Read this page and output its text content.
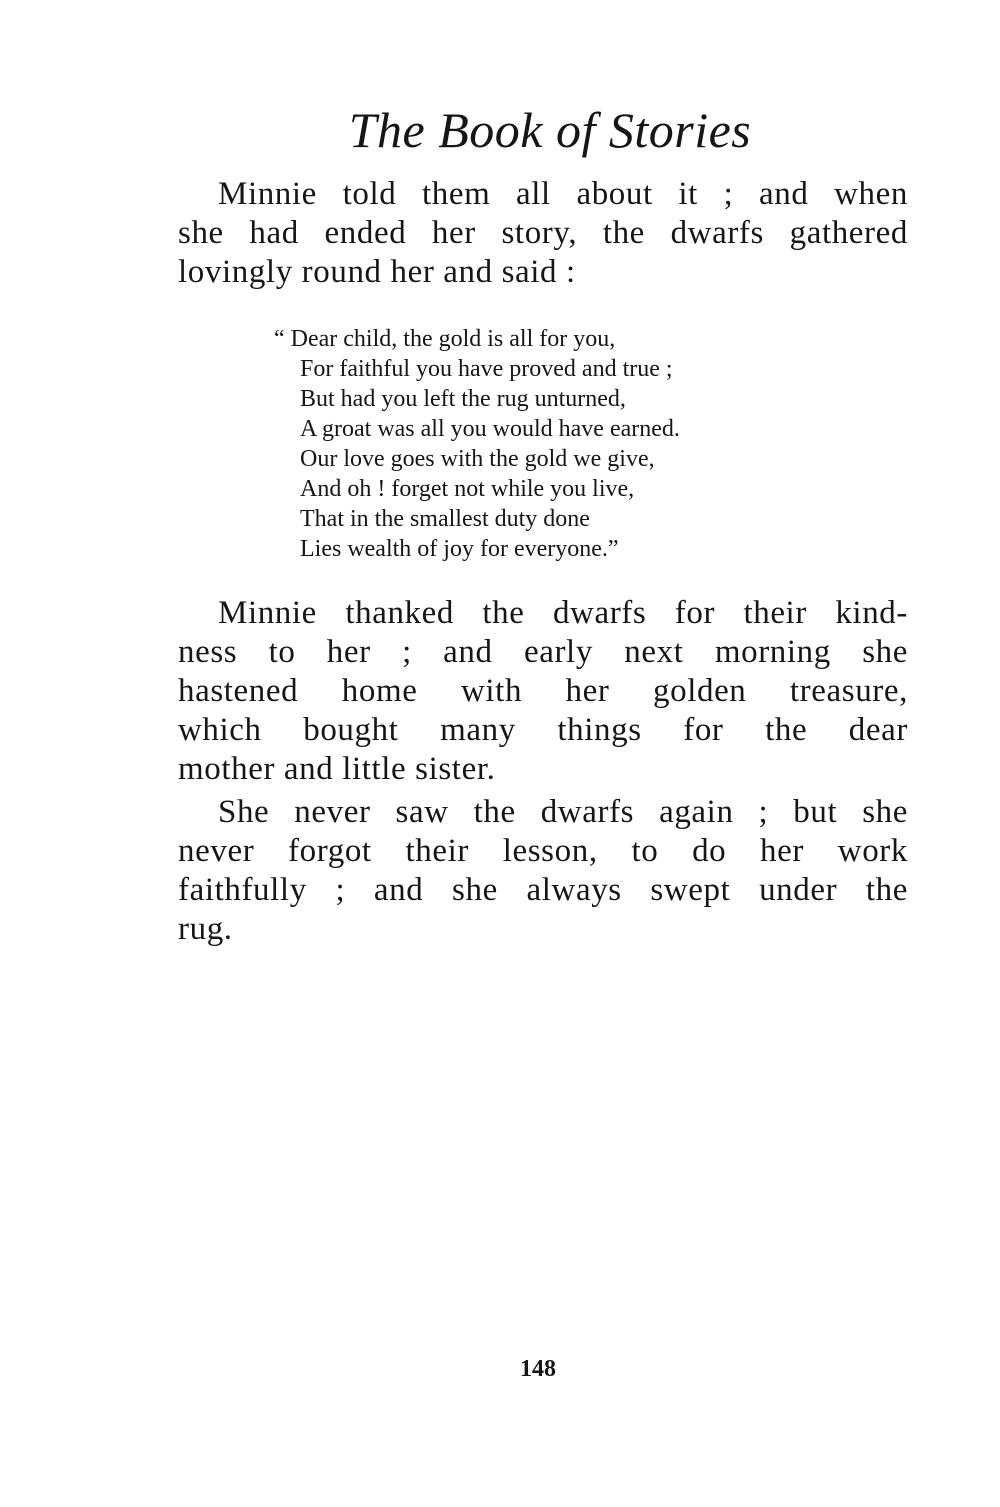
The Book of Stories

Minnie told them all about it ; and when
she had ended her story, the dwarfs gathered
lovingly round her and said :

“ Dear child, the gold is all for you,
For faithful you have proved and true ;
But had you left the rug unturned,
A groat was all you would have earned.
Our love goes with the gold we give,
And oh ! forget not while you live,
That in the smallest duty done
Lies wealth of joy for everyone.”

Minnie thanked the dwarfs for their kind-
ness to her ; and early next morning she
hastened home with her golden treasure,
which bought many things for the dear
mother and little sister.

She never saw the dwarfs again ; but she
never forgot their lesson, to do her work
faithfully ; and she always swept under the
rug.

148
